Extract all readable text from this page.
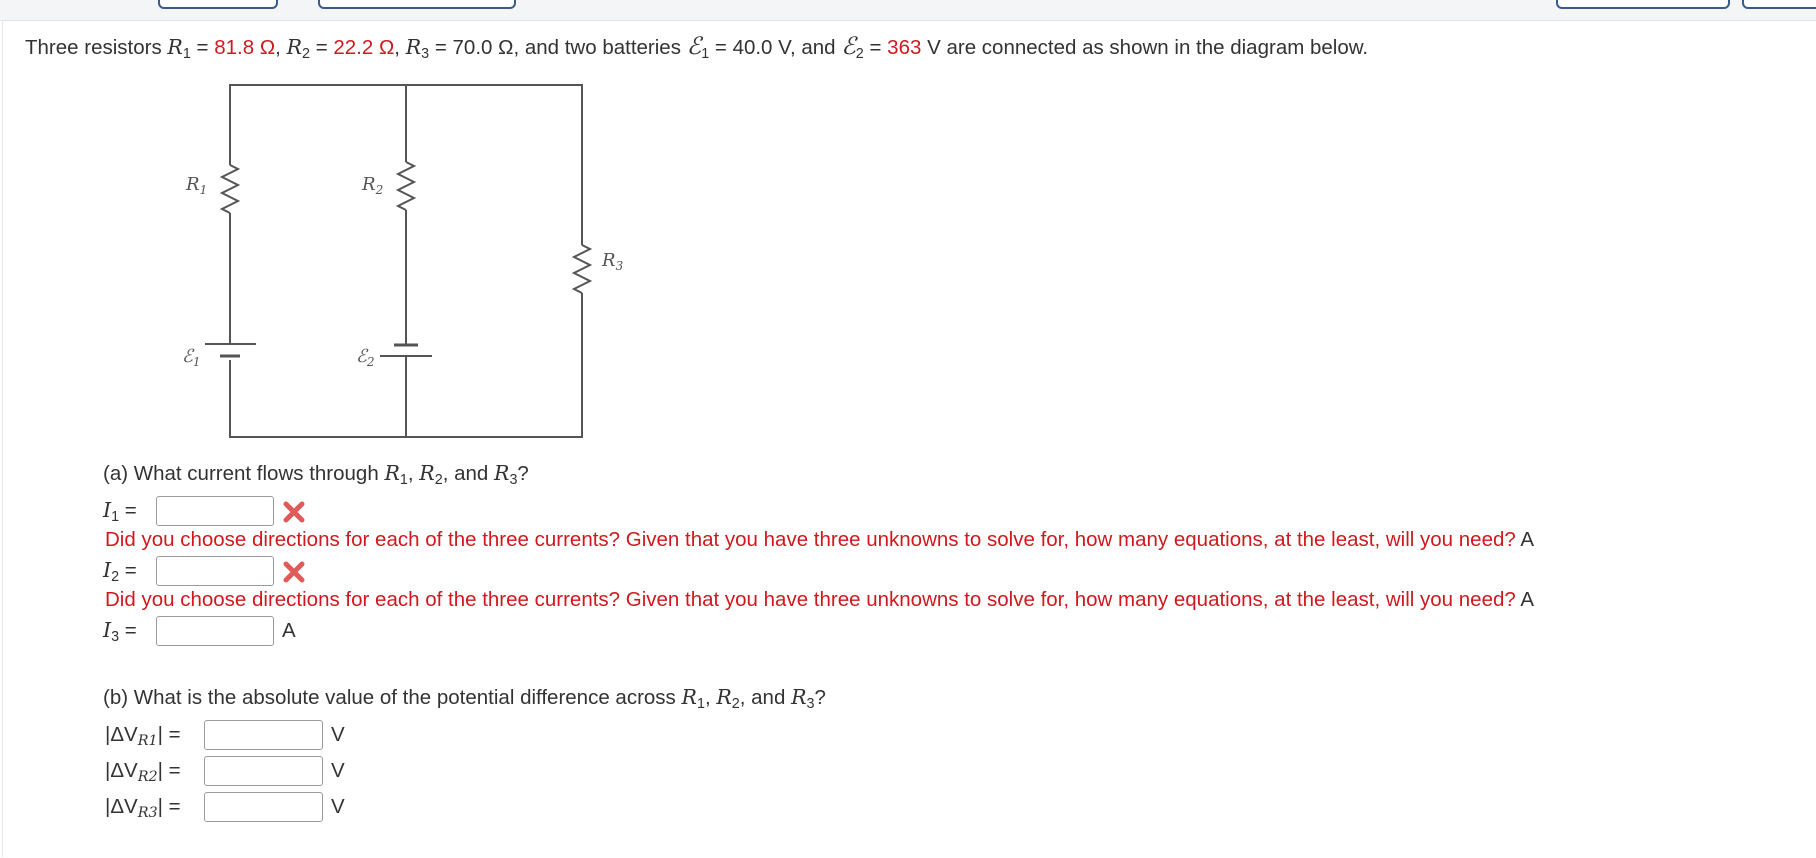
Three resistors $R_1 = 81.8$ Ω, $R_2 = 22.2$ Ω, $R_3 = 70.0$ Ω, and two batteries ℰ$_1$ = 40.0 V, and ℰ$_2$ = 363 V are connected as shown in the diagram below.
$R_1$	$R_2$
$R_3$
ℰ$_1$	ℰ$_2$
(a) What current flows through $R_1$, $R_2$, and $R_3$?
$I_1$ =
Did you choose directions for each of the three currents? Given that you have three unknowns to solve for, how many equations, at the least, will you need? A
$I_2$ =
Did you choose directions for each of the three currents? Given that you have three unknowns to solve for, how many equations, at the least, will you need? A
$I_3$ =	A
(b) What is the absolute value of the potential difference across $R_1$, $R_2$, and $R_3$?
$|\Delta V_{R1}|$ =	V
$|\Delta V_{R2}|$ =	V
$|\Delta V_{R3}|$ =	V
